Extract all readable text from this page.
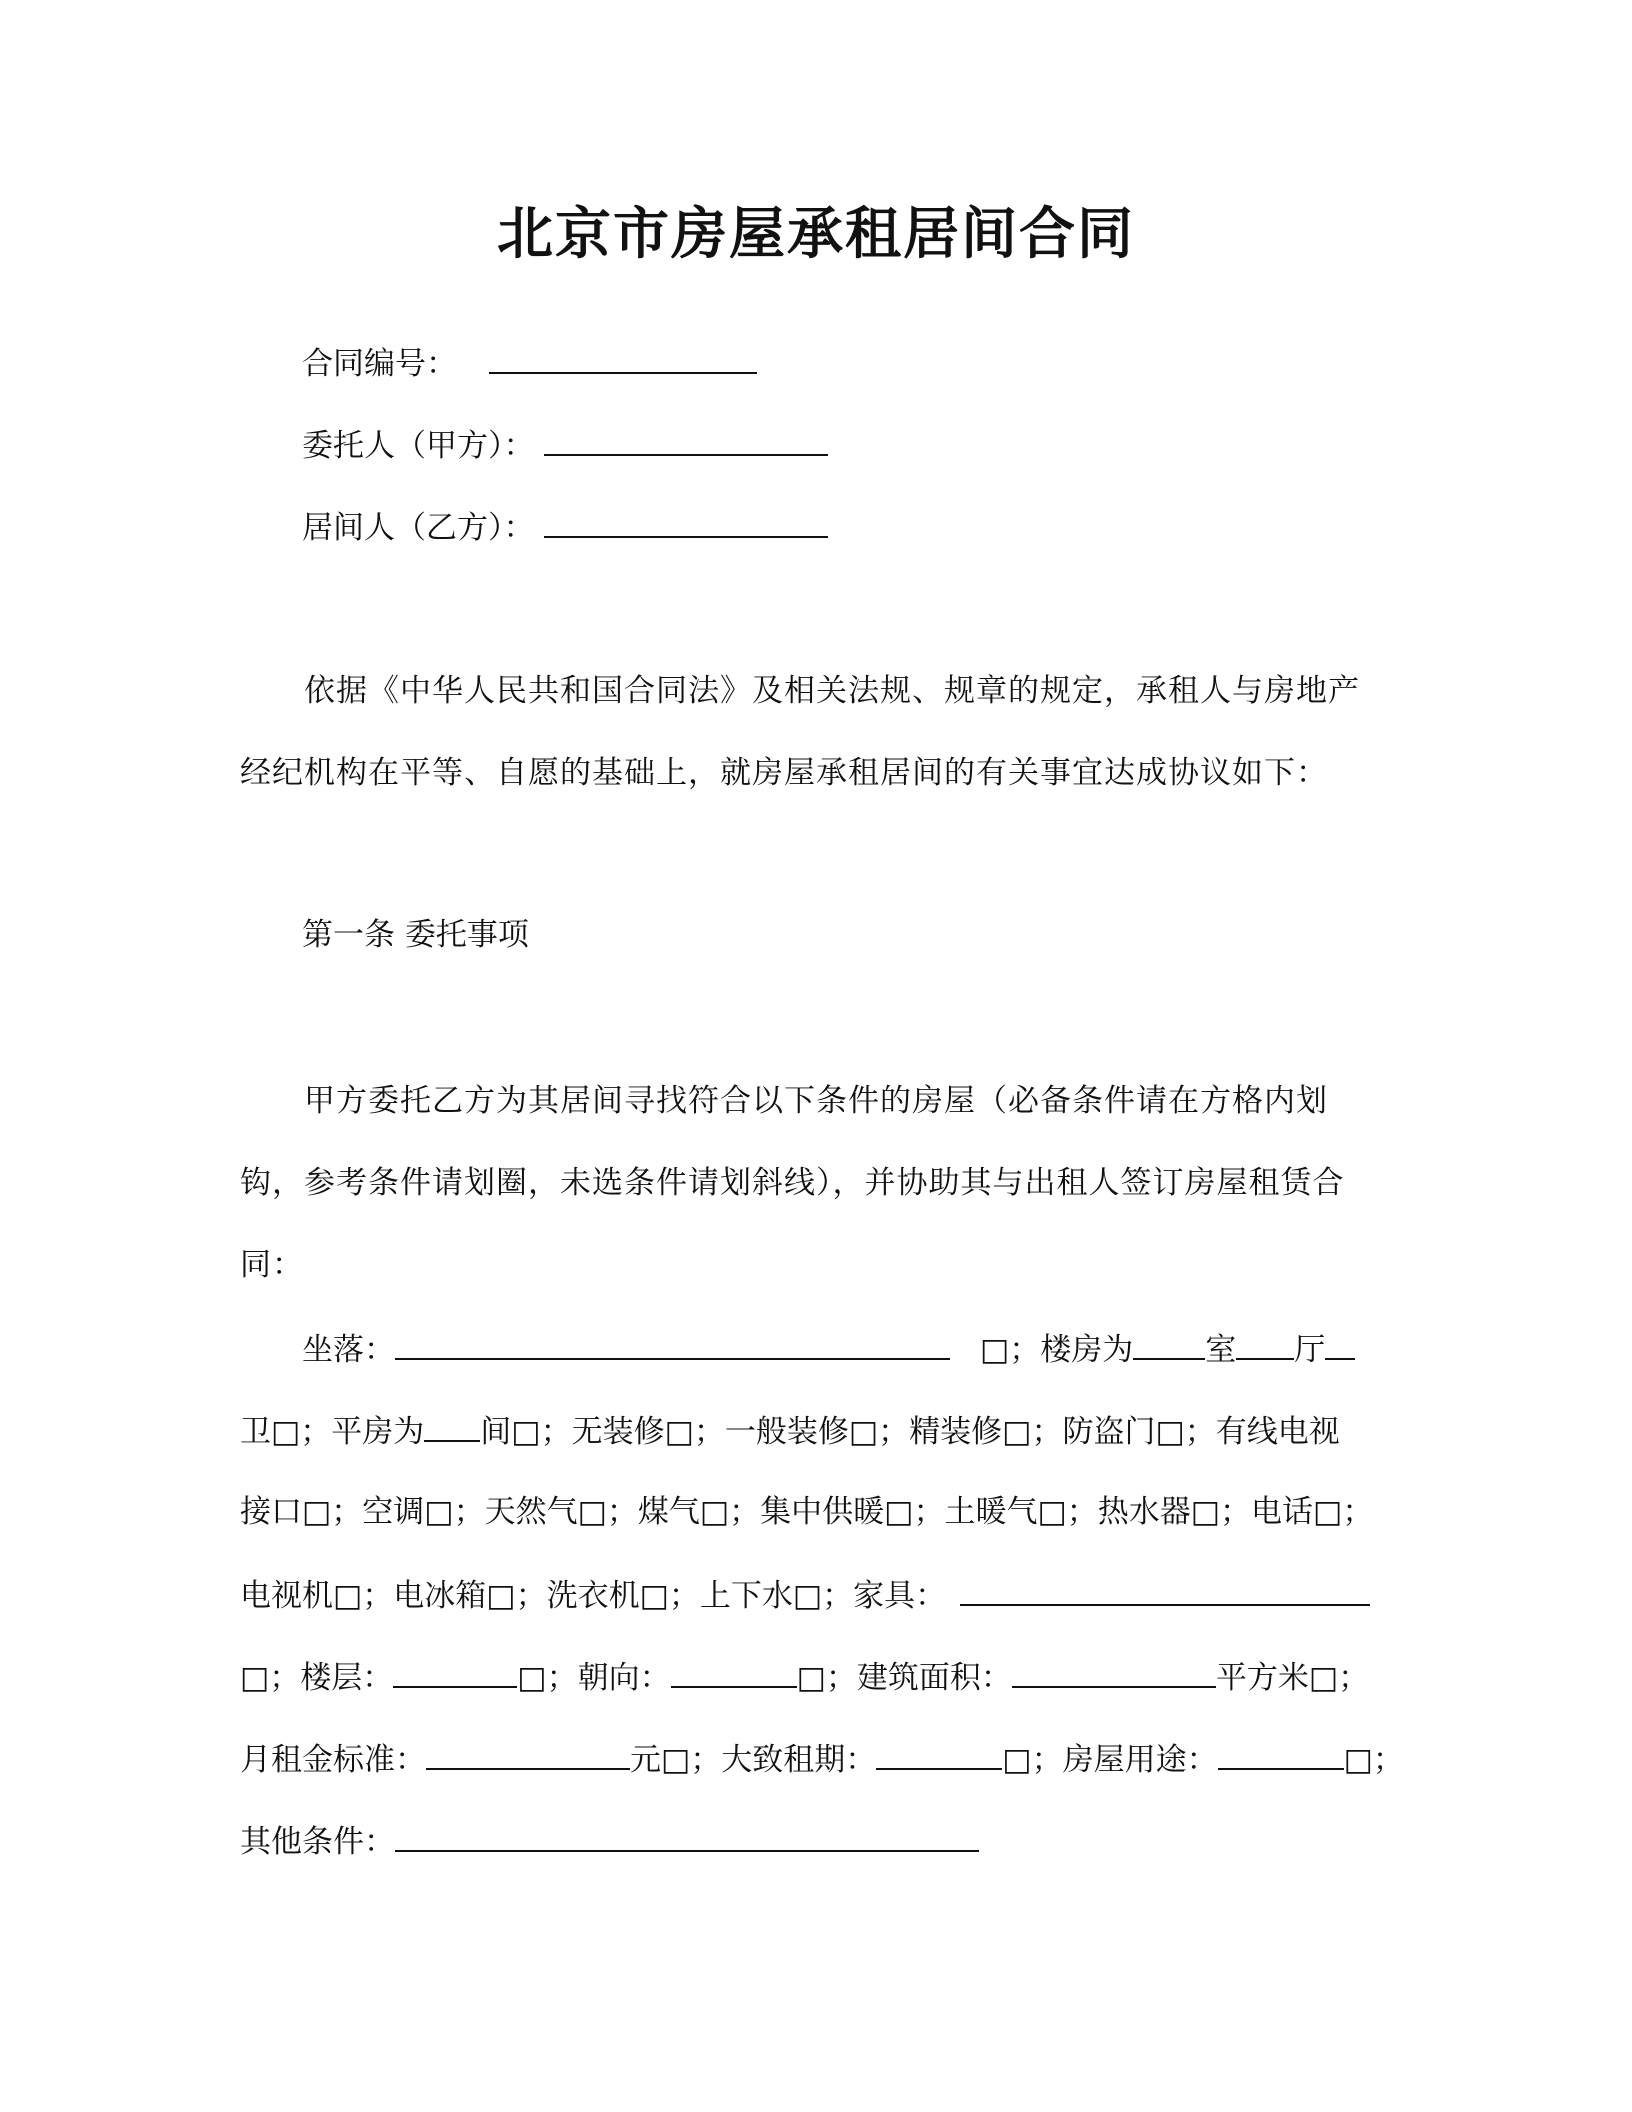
北京市房屋承租居间合同
合同编号：
委托人（甲方）：
居间人（乙方）：
依据《中华人民共和国合同法》及相关法规、规章的规定，承租人与房地产经纪机构在平等、自愿的基础上，就房屋承租居间的有关事宜达成协议如下：
第一条 委托事项
甲方委托乙方为其居间寻找符合以下条件的房屋（必备条件请在方格内划钩，参考条件请划圈，未选条件请划斜线），并协助其与出租人签订房屋租赁合同：
坐落：	□；楼房为 室 厅
卫□；平房为 间□；无装修□；一般装修□；精装修□；防盗门□；有线电视
接口□；空调□；天然气□；煤气□；集中供暖□；土暖气□；热水器□；电话□；
电视机□；电冰箱□；洗衣机□；上下水□；家具：
□；楼层：	□；朝向：	□；建筑面积：	平方米□；
月租金标准：	元□；大致租期：	□；房屋用途：	□；
其他条件：
